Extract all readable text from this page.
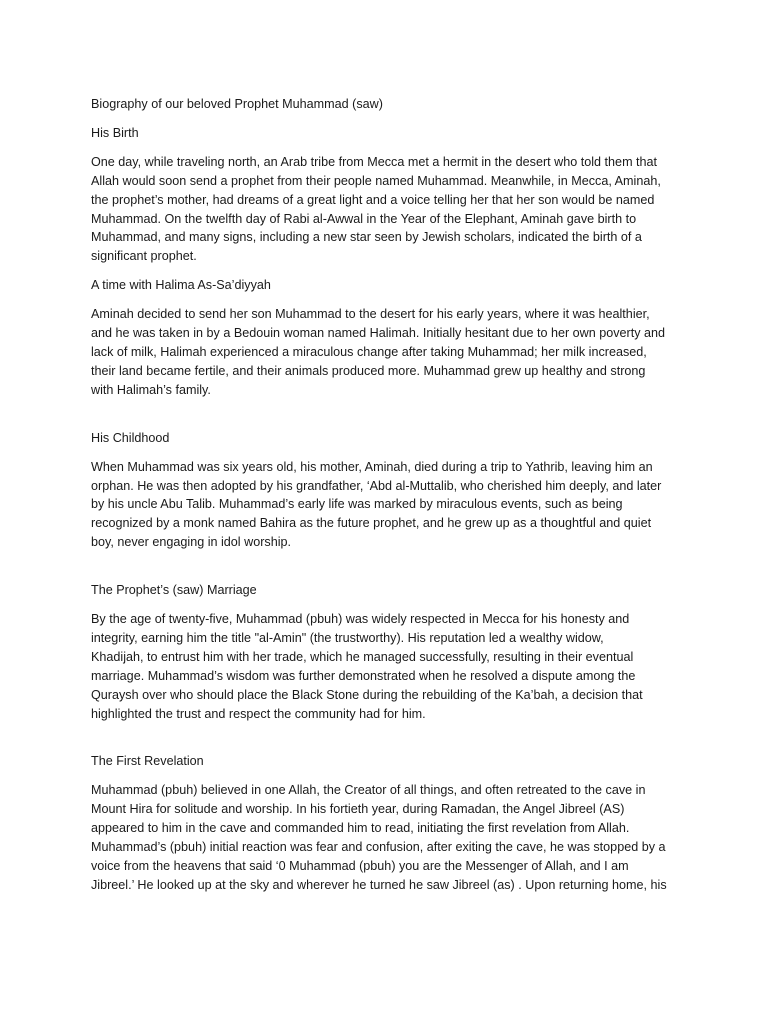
Biography of our beloved Prophet Muhammad (saw)

His Birth

One day, while traveling north, an Arab tribe from Mecca met a hermit in the desert who told them that
Allah would soon send a prophet from their people named Muhammad. Meanwhile, in Mecca, Aminah,
the prophet’s mother, had dreams of a great light and a voice telling her that her son would be named
Muhammad. On the twelfth day of Rabi al-Awwal in the Year of the Elephant, Aminah gave birth to
Muhammad, and many signs, including a new star seen by Jewish scholars, indicated the birth of a
significant prophet.

A time with Halima As-Sa’diyyah

Aminah decided to send her son Muhammad to the desert for his early years, where it was healthier,
and he was taken in by a Bedouin woman named Halimah. Initially hesitant due to her own poverty and
lack of milk, Halimah experienced a miraculous change after taking Muhammad; her milk increased,
their land became fertile, and their animals produced more. Muhammad grew up healthy and strong
with Halimah’s family.

His Childhood

When Muhammad was six years old, his mother, Aminah, died during a trip to Yathrib, leaving him an
orphan. He was then adopted by his grandfather, ‘Abd al-Muttalib, who cherished him deeply, and later
by his uncle Abu Talib. Muhammad’s early life was marked by miraculous events, such as being
recognized by a monk named Bahira as the future prophet, and he grew up as a thoughtful and quiet
boy, never engaging in idol worship.

The Prophet’s (saw) Marriage

By the age of twenty-five, Muhammad (pbuh) was widely respected in Mecca for his honesty and
integrity, earning him the title "al-Amin" (the trustworthy). His reputation led a wealthy widow,
Khadijah, to entrust him with her trade, which he managed successfully, resulting in their eventual
marriage. Muhammad’s wisdom was further demonstrated when he resolved a dispute among the
Quraysh over who should place the Black Stone during the rebuilding of the Ka’bah, a decision that
highlighted the trust and respect the community had for him.

The First Revelation

Muhammad (pbuh) believed in one Allah, the Creator of all things, and often retreated to the cave in
Mount Hira for solitude and worship. In his fortieth year, during Ramadan, the Angel Jibreel (AS)
appeared to him in the cave and commanded him to read, initiating the first revelation from Allah.
Muhammad’s (pbuh) initial reaction was fear and confusion, after exiting the cave, he was stopped by a
voice from the heavens that said ‘0 Muhammad (pbuh) you are the Messenger of Allah, and I am
Jibreel.’ He looked up at the sky and wherever he turned he saw Jibreel (as) . Upon returning home, his
